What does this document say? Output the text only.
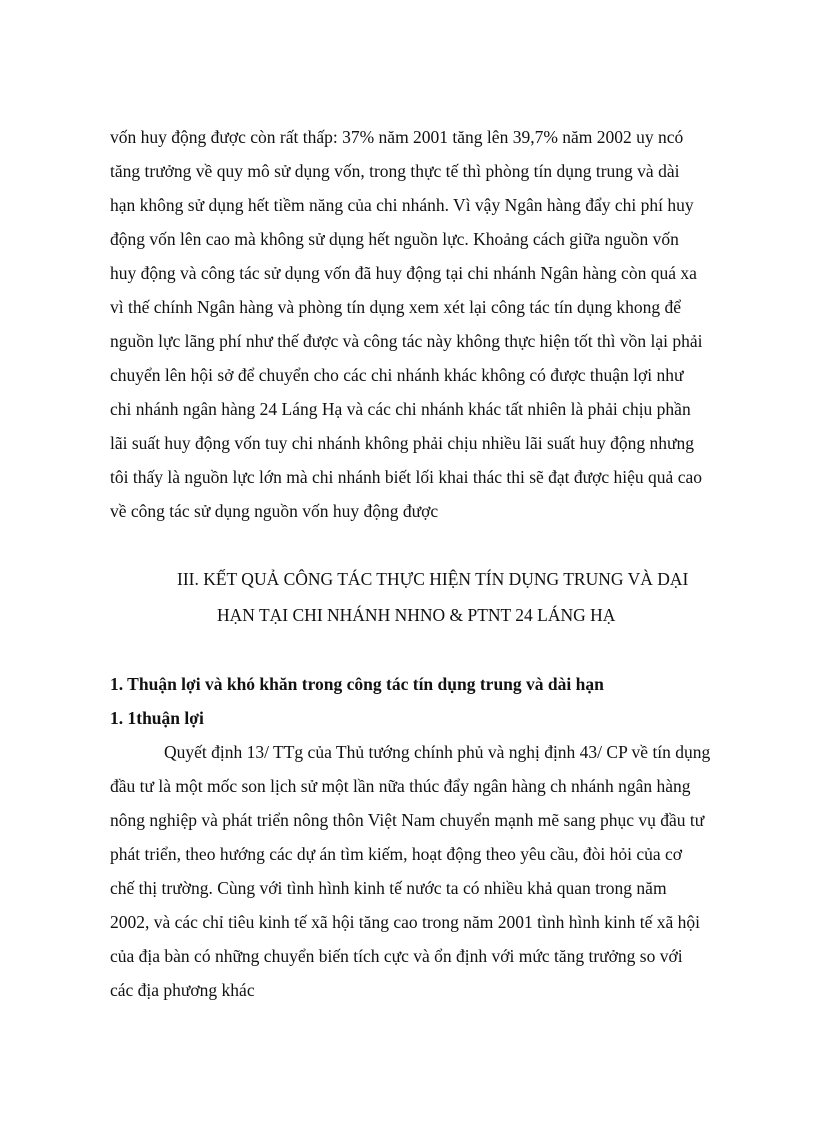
vốn huy động được còn rất thấp: 37% năm 2001 tăng lên 39,7% năm 2002 uy ncó
tăng trưởng về quy mô sử dụng vốn, trong thực tế thì phòng tín dụng trung và dài
hạn không sử dụng hết tiềm năng của chi nhánh. Vì vậy Ngân hàng đẩy chi phí huy
động vốn lên cao mà không sử dụng hết nguồn lực. Khoảng cách giữa nguồn vốn
huy động và công tác sử dụng vốn đã huy động tại chi nhánh Ngân hàng còn quá xa
vì thế chính Ngân hàng và phòng tín dụng xem xét lại công tác tín dụng khong để
nguồn lực lãng phí như thế được và công tác này không thực hiện tốt thì vồn lại phải
chuyển lên hội sở để chuyển cho các chi nhánh khác không có được thuận lợi như
chi nhánh ngân hàng 24 Láng Hạ và các chi nhánh khác tất nhiên là phải chịu phần
lãi suất huy động vốn tuy chi nhánh không phải chịu nhiều lãi suất huy động nhưng
tôi thấy là nguồn lực lớn mà chi nhánh biết lối khai thác thi sẽ đạt được hiệu quả cao
về công tác sử dụng nguồn vốn huy động được
III. KẾT QUẢ CÔNG TÁC THỰC HIỆN TÍN DỤNG TRUNG VÀ DẠI
HẠN TẠI CHI NHÁNH NHNO & PTNT 24 LÁNG HẠ
1. Thuận lợi và khó khăn trong công tác tín dụng trung và dài hạn
1. 1thuận lợi
Quyết định 13/ TTg của Thủ tướng chính phủ và nghị định 43/ CP về tín dụng
đầu tư là một mốc son lịch sử một lần nữa thúc đẩy ngân hàng ch nhánh ngân hàng
nông nghiệp và phát triển nông thôn Việt Nam chuyển mạnh mẽ sang phục vụ đầu tư
phát triển, theo hướng các dự án tìm kiếm, hoạt động theo yêu cầu, đòi hỏi của cơ
chế thị trường. Cùng với tình hình kinh tế nước ta có nhiều khả quan trong năm
2002, và các chỉ tiêu kinh tế xã hội tăng cao trong năm 2001 tình hình kinh tế xã hội
của địa bàn có những chuyển biến tích cực và ổn định với mức tăng trưởng so với
các địa phương khác
